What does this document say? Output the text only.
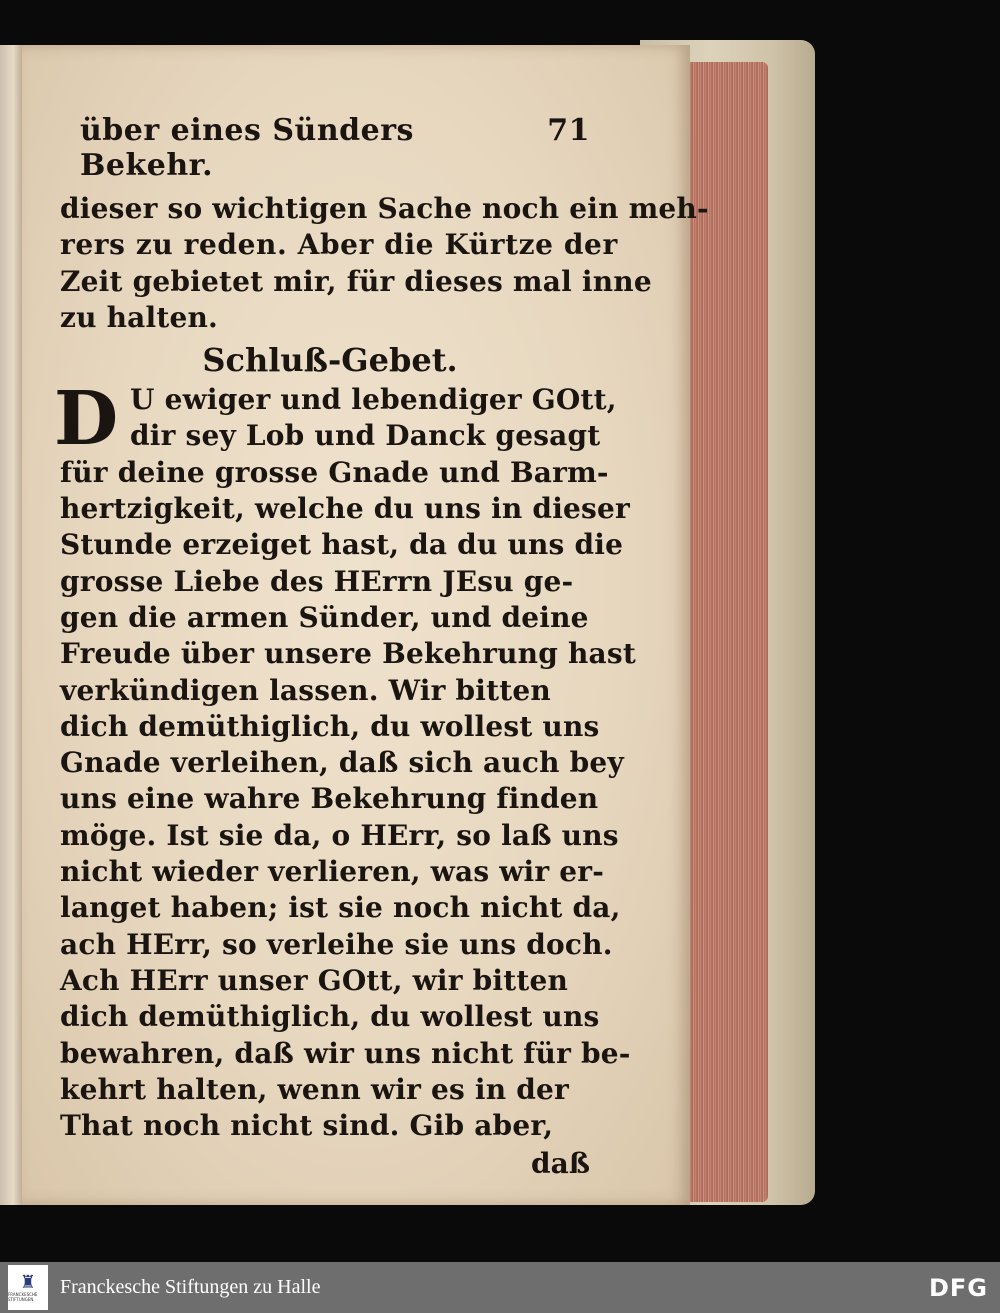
über eines Sünders Bekehr.
71
dieser so wichtigen Sache noch ein meh-
rers zu reden. Aber die Kürtze der
Zeit gebietet mir, für dieses mal inne
zu halten.
Schluß-Gebet.
D U ewiger und lebendiger GOtt,
dir sey Lob und Danck gesagt
für deine grosse Gnade und Barm-
hertzigkeit, welche du uns in dieser
Stunde erzeiget hast, da du uns die
grosse Liebe des HErrn JEsu ge-
gen die armen Sünder, und deine
Freude über unsere Bekehrung hast
verkündigen lassen. Wir bitten
dich demüthiglich, du wollest uns
Gnade verleihen, daß sich auch bey
uns eine wahre Bekehrung finden
möge. Ist sie da, o HErr, so laß uns
nicht wieder verlieren, was wir er-
langet haben; ist sie noch nicht da,
ach HErr, so verleihe sie uns doch.
Ach HErr unser GOtt, wir bitten
dich demüthiglich, du wollest uns
bewahren, daß wir uns nicht für be-
kehrt halten, wenn wir es in der
That noch nicht sind. Gib aber,
daß
♜
FRANCKESCHE STIFTUNGEN
Franckesche Stiftungen zu Halle	DFG
